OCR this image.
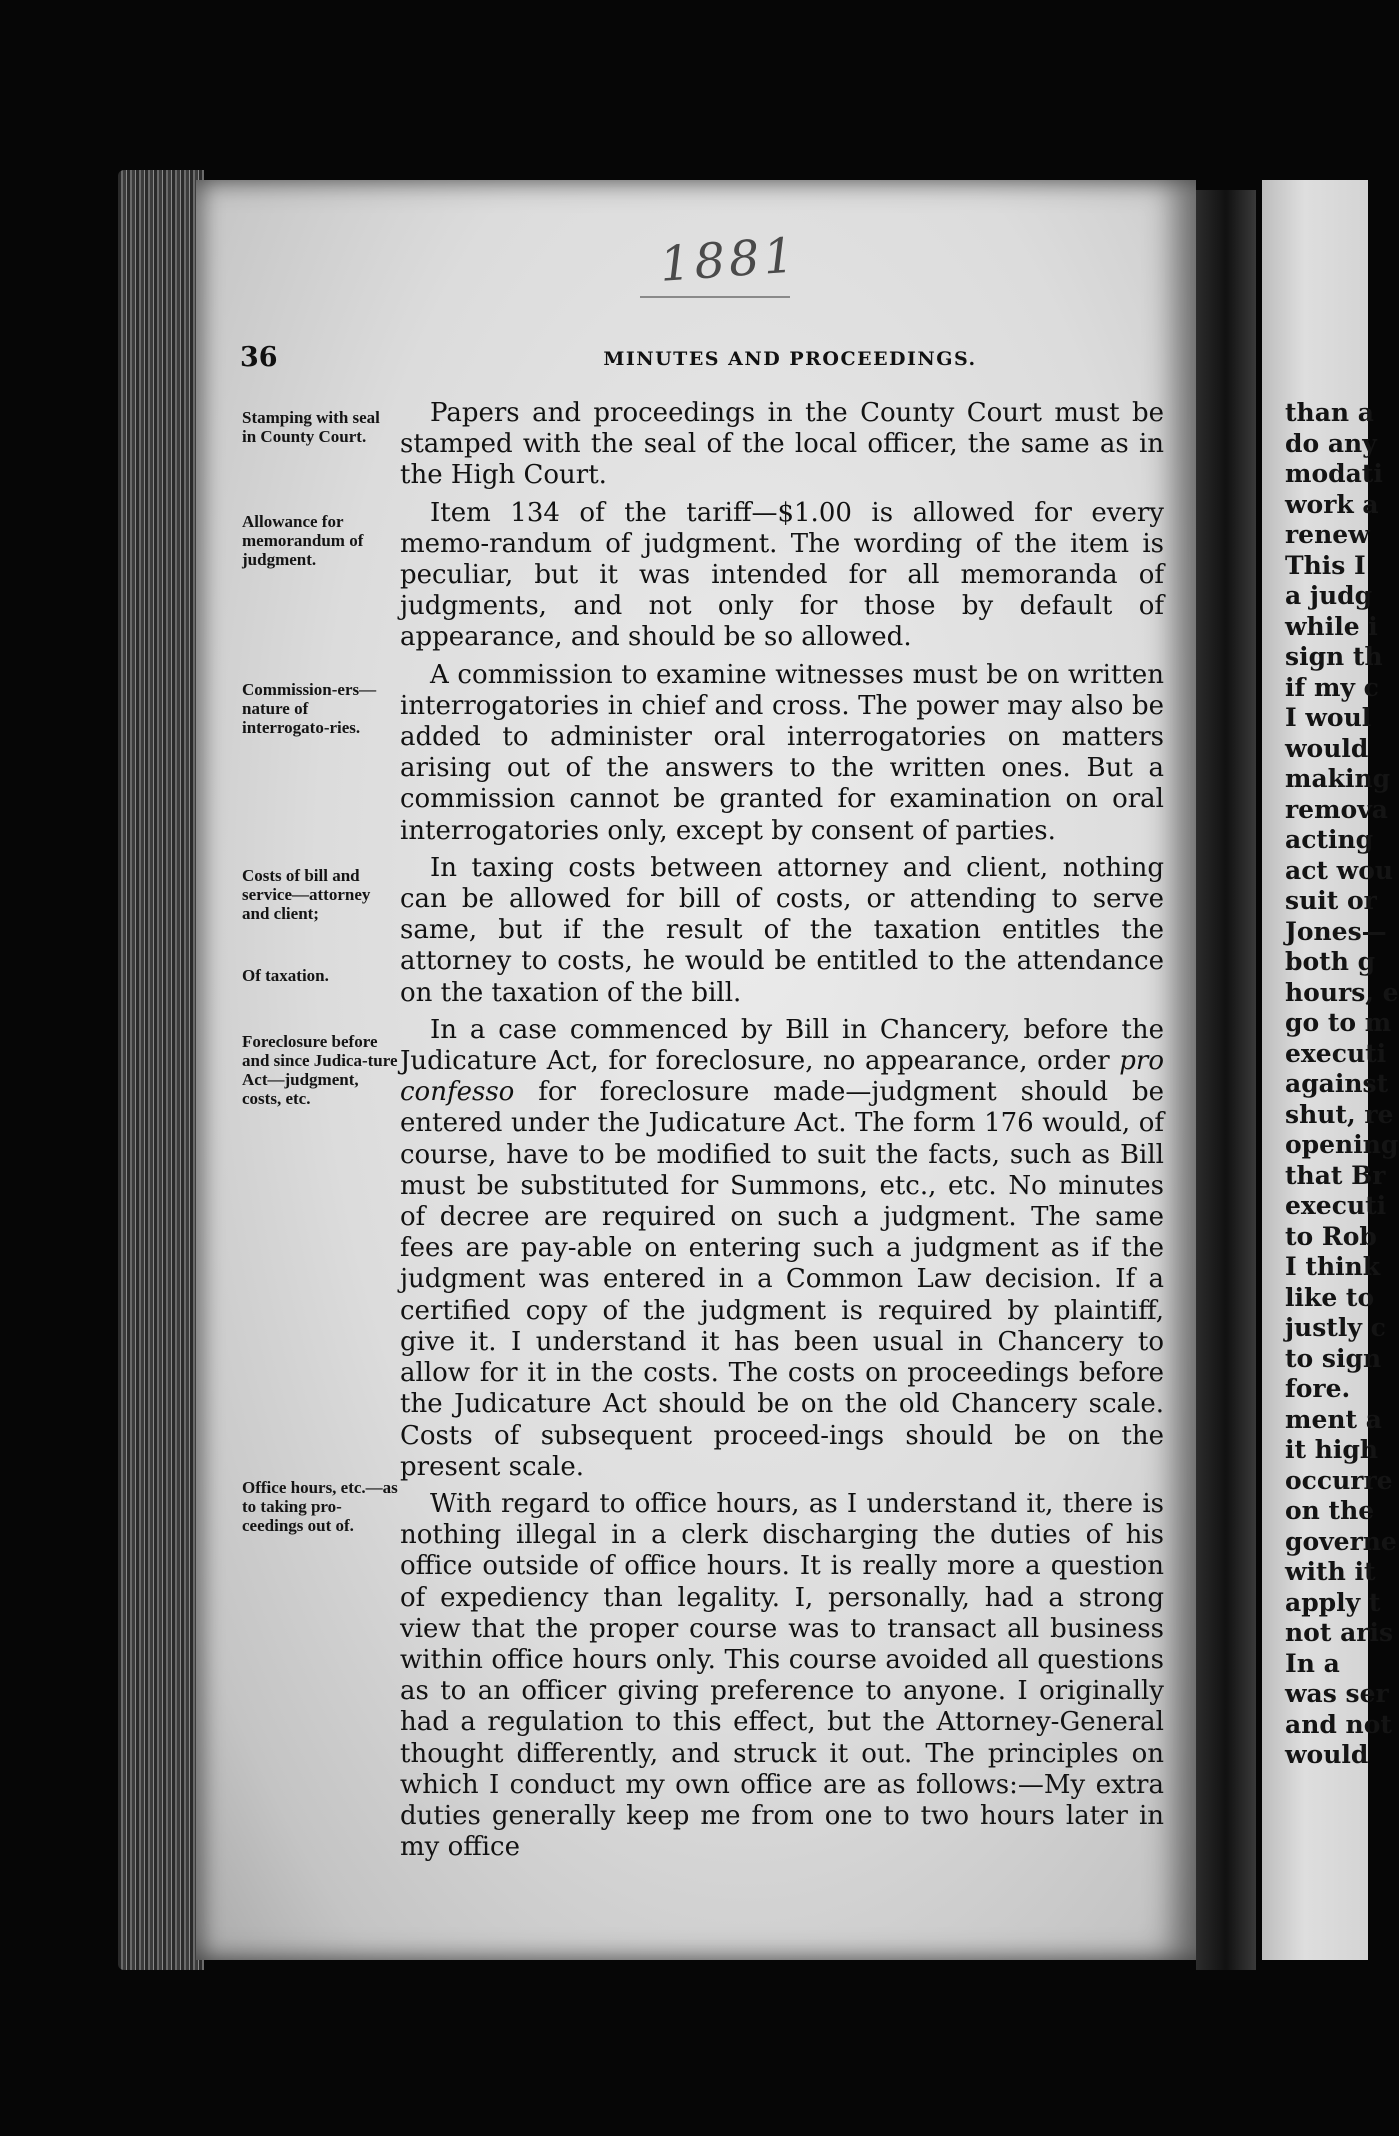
than a
do any
modati
work a
renew
This I
a judg
while i
sign th
if my c
I woul
would
making
remova
acting
act wou
suit or
Jones—
both g
hours, e
go to m
executi
against
shut, re
opening
that Br
executi
to Rob
I think
like to
justly c
to sign
fore.
ment a
it high
occurre
on the
governe
with it
apply t
not aris
In a
was ser
and not
would
1881
36	MINUTES AND PROCEEDINGS.
Stamping with seal in County Court.
Allowance for memorandum of judgment.
Commission-ers—nature of interrogato-ries.
Costs of bill and service—attorney and client;
Of taxation.
Foreclosure before and since Judica-ture Act—judgment, costs, etc.
Office hours, etc.—as to taking pro-ceedings out of.

Papers and proceedings in the County Court must be stamped with the seal of the local officer, the same as in the High Court.

Item 134 of the tariff—$1.00 is allowed for every memo-randum of judgment. The wording of the item is peculiar, but it was intended for all memoranda of judgments, and not only for those by default of appearance, and should be so allowed.

A commission to examine witnesses must be on written interrogatories in chief and cross. The power may also be added to administer oral interrogatories on matters arising out of the answers to the written ones. But a commission cannot be granted for examination on oral interrogatories only, except by consent of parties.

In taxing costs between attorney and client, nothing can be allowed for bill of costs, or attending to serve same, but if the result of the taxation entitles the attorney to costs, he would be entitled to the attendance on the taxation of the bill.

In a case commenced by Bill in Chancery, before the Judicature Act, for foreclosure, no appearance, order pro confesso for foreclosure made—judgment should be entered under the Judicature Act. The form 176 would, of course, have to be modified to suit the facts, such as Bill must be substituted for Summons, etc., etc. No minutes of decree are required on such a judgment. The same fees are pay-able on entering such a judgment as if the judgment was entered in a Common Law decision. If a certified copy of the judgment is required by plaintiff, give it. I understand it has been usual in Chancery to allow for it in the costs. The costs on proceedings before the Judicature Act should be on the old Chancery scale. Costs of subsequent proceed-ings should be on the present scale.

With regard to office hours, as I understand it, there is nothing illegal in a clerk discharging the duties of his office outside of office hours. It is really more a question of expediency than legality. I, personally, had a strong view that the proper course was to transact all business within office hours only. This course avoided all questions as to an officer giving preference to anyone. I originally had a regulation to this effect, but the Attorney-General thought differently, and struck it out. The principles on which I conduct my own office are as follows:—My extra duties generally keep me from one to two hours later in my office
